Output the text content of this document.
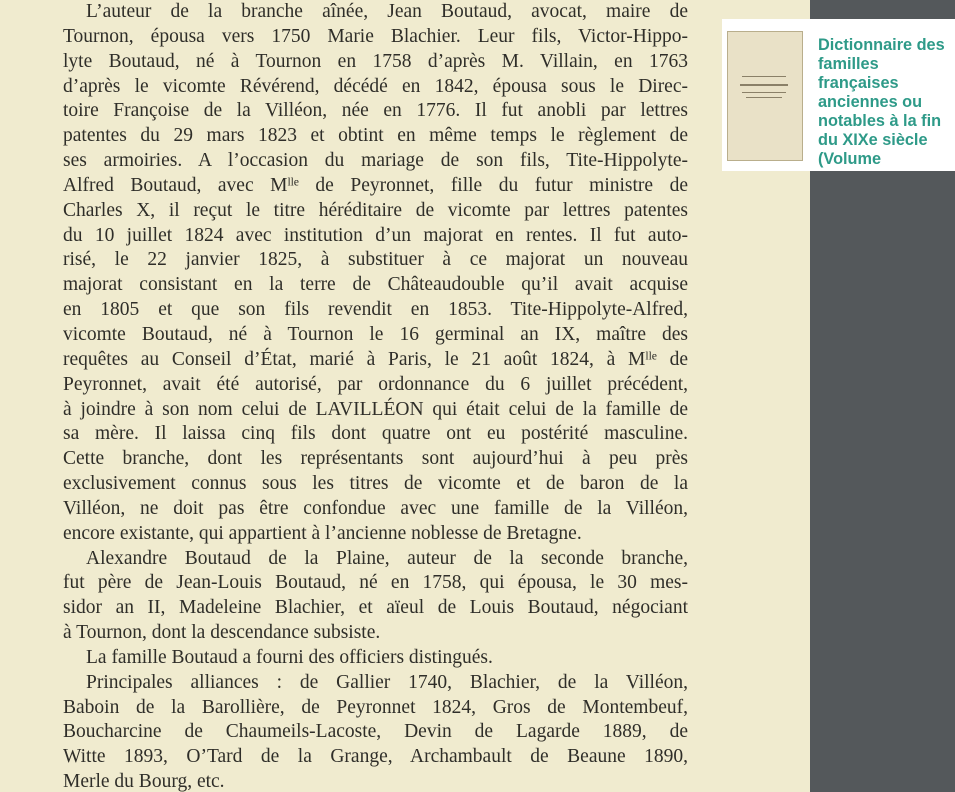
L’auteur de la branche aînée, Jean Boutaud, avocat, maire de
Tournon, épousa vers 1750 Marie Blachier. Leur fils, Victor-Hippo-
lyte Boutaud, né à Tournon en 1758 d’après M. Villain, en 1763
d’après le vicomte Révérend, décédé en 1842, épousa sous le Direc-
toire Françoise de la Villéon, née en 1776. Il fut anobli par lettres
patentes du 29 mars 1823 et obtint en même temps le règlement de
ses armoiries. A l’occasion du mariage de son fils, Tite-Hippolyte-
Alfred Boutaud, avec Mˡˡᵉ de Peyronnet, fille du futur ministre de
Charles X, il reçut le titre héréditaire de vicomte par lettres patentes
du 10 juillet 1824 avec institution d’un majorat en rentes. Il fut auto-
risé, le 22 janvier 1825, à substituer à ce majorat un nouveau
majorat consistant en la terre de Châteaudouble qu’il avait acquise
en 1805 et que son fils revendit en 1853. Tite-Hippolyte-Alfred,
vicomte Boutaud, né à Tournon le 16 germinal an IX, maître des
requêtes au Conseil d’État, marié à Paris, le 21 août 1824, à Mˡˡᵉ de
Peyronnet, avait été autorisé, par ordonnance du 6 juillet précédent,
à joindre à son nom celui de LAVILLÉON qui était celui de la famille de
sa mère. Il laissa cinq fils dont quatre ont eu postérité masculine.
Cette branche, dont les représentants sont aujourd’hui à peu près
exclusivement connus sous les titres de vicomte et de baron de la
Villéon, ne doit pas être confondue avec une famille de la Villéon,
encore existante, qui appartient à l’ancienne noblesse de Bretagne.
Alexandre Boutaud de la Plaine, auteur de la seconde branche,
fut père de Jean-Louis Boutaud, né en 1758, qui épousa, le 30 mes-
sidor an II, Madeleine Blachier, et aïeul de Louis Boutaud, négociant
à Tournon, dont la descendance subsiste.
La famille Boutaud a fourni des officiers distingués.
Principales alliances : de Gallier 1740, Blachier, de la Villéon,
Baboin de la Barollière, de Peyronnet 1824, Gros de Montembeuf,
Boucharcine de Chaumeils-Lacoste, Devin de Lagarde 1889, de
Witte 1893, O’Tard de la Grange, Archambault de Beaune 1890,
Merle du Bourg, etc.
Dictionnaire des familles françaises anciennes ou notables à la fin du XIXe siècle (Volume
